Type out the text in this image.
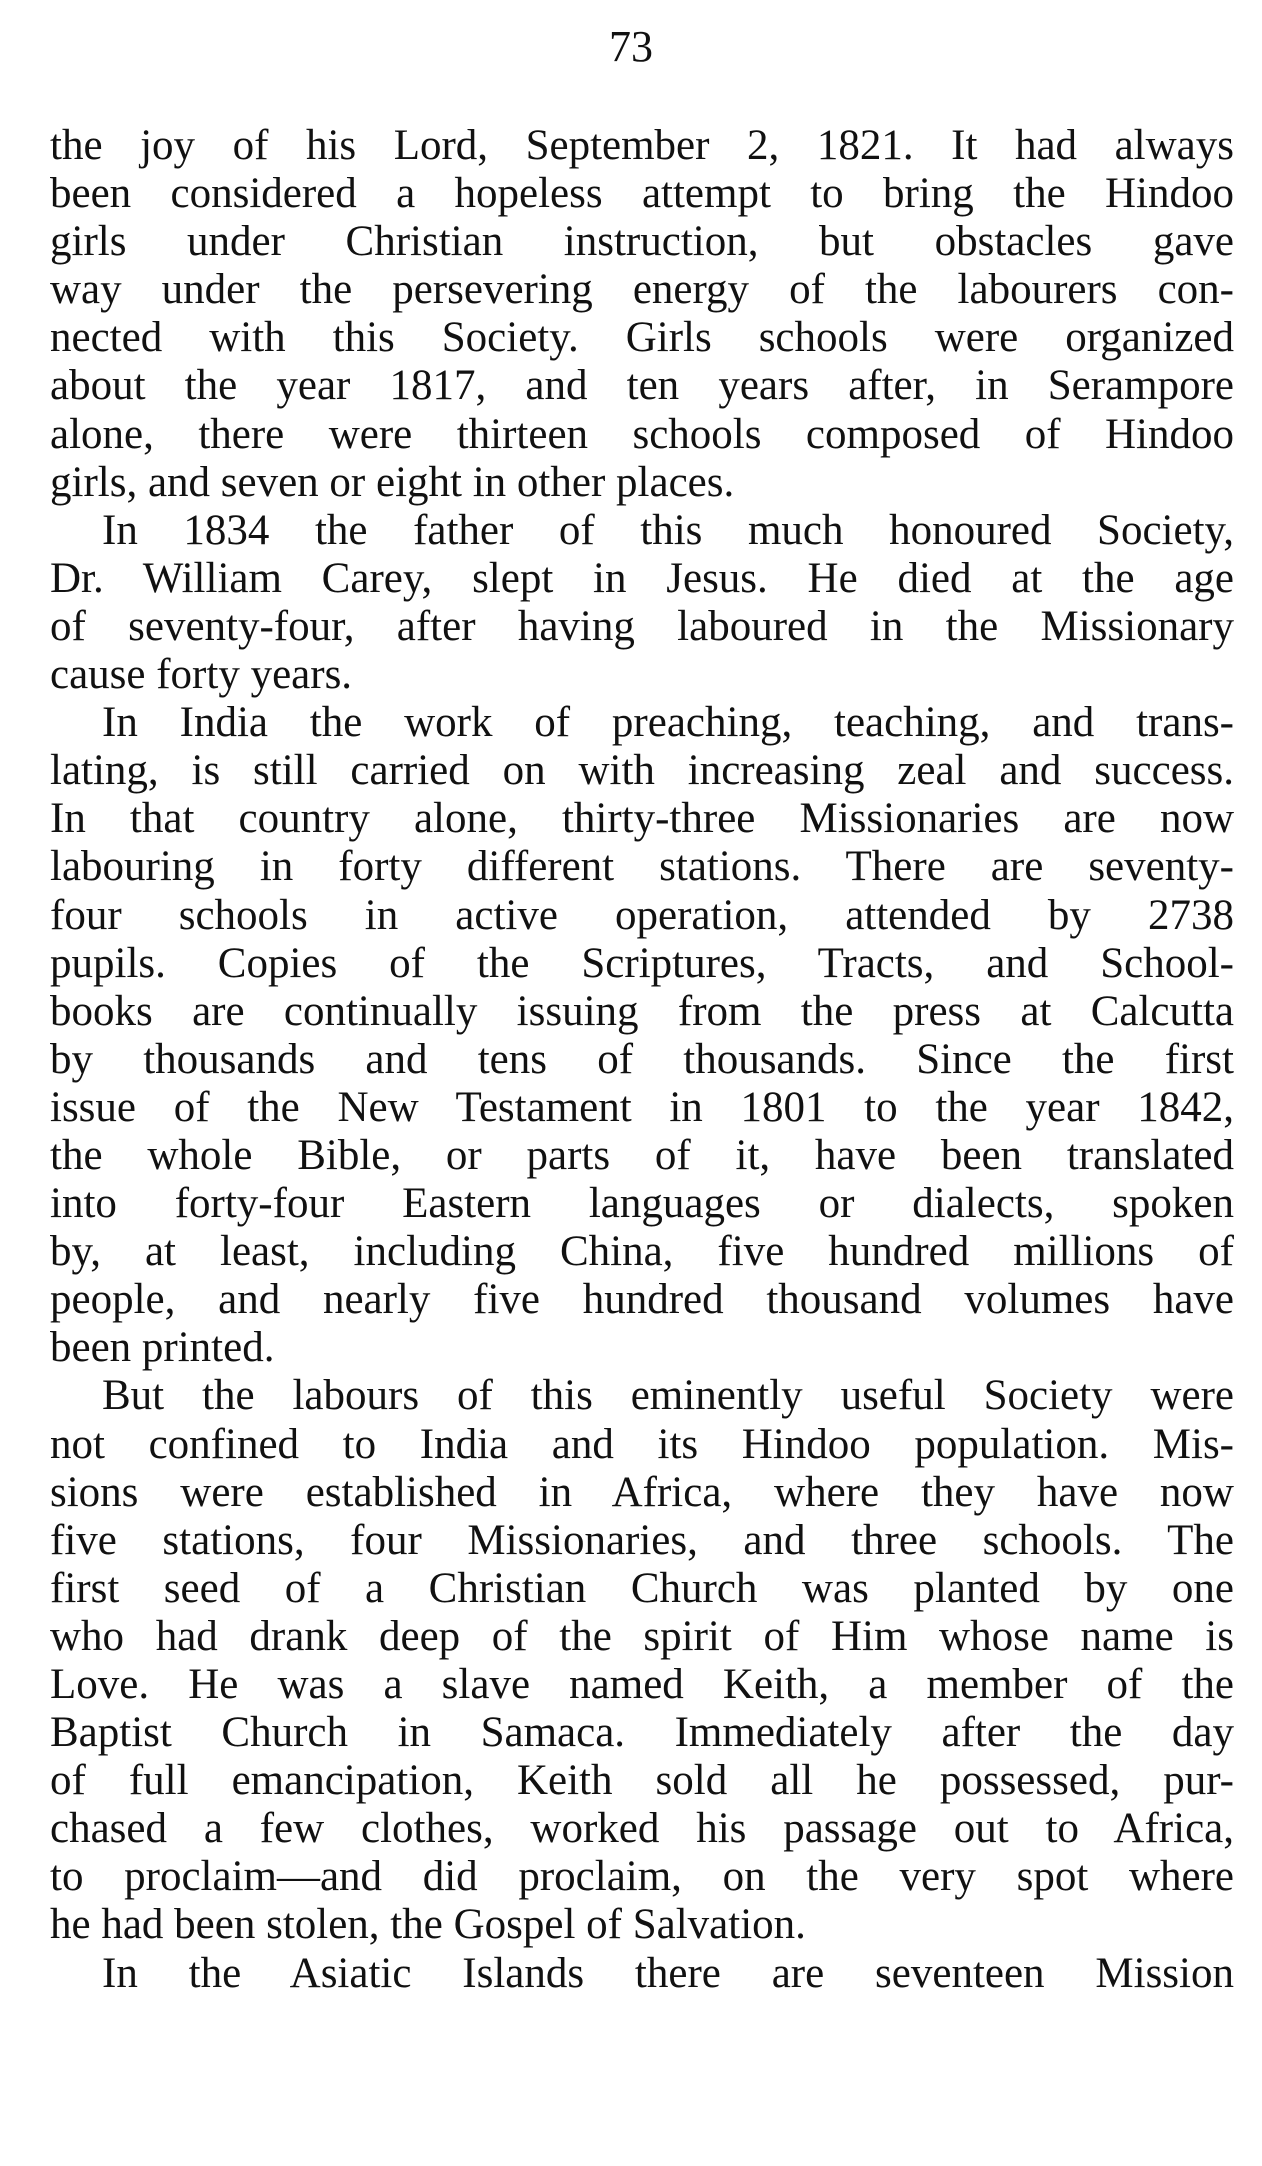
73
the joy of his Lord, September 2, 1821. It had always
been considered a hopeless attempt to bring the Hindoo
girls under Christian instruction, but obstacles gave
way under the persevering energy of the labourers con-
nected with this Society. Girls schools were organized
about the year 1817, and ten years after, in Serampore
alone, there were thirteen schools composed of Hindoo
girls, and seven or eight in other places.
In 1834 the father of this much honoured Society,
Dr. William Carey, slept in Jesus. He died at the age
of seventy-four, after having laboured in the Missionary
cause forty years.
In India the work of preaching, teaching, and trans-
lating, is still carried on with increasing zeal and success.
In that country alone, thirty-three Missionaries are now
labouring in forty different stations. There are seventy-
four schools in active operation, attended by 2738
pupils. Copies of the Scriptures, Tracts, and School-
books are continually issuing from the press at Calcutta
by thousands and tens of thousands. Since the first
issue of the New Testament in 1801 to the year 1842,
the whole Bible, or parts of it, have been translated
into forty-four Eastern languages or dialects, spoken
by, at least, including China, five hundred millions of
people, and nearly five hundred thousand volumes have
been printed.
But the labours of this eminently useful Society were
not confined to India and its Hindoo population. Mis-
sions were established in Africa, where they have now
five stations, four Missionaries, and three schools. The
first seed of a Christian Church was planted by one
who had drank deep of the spirit of Him whose name is
Love. He was a slave named Keith, a member of the
Baptist Church in Samaca. Immediately after the day
of full emancipation, Keith sold all he possessed, pur-
chased a few clothes, worked his passage out to Africa,
to proclaim—and did proclaim, on the very spot where
he had been stolen, the Gospel of Salvation.
In the Asiatic Islands there are seventeen Mission
